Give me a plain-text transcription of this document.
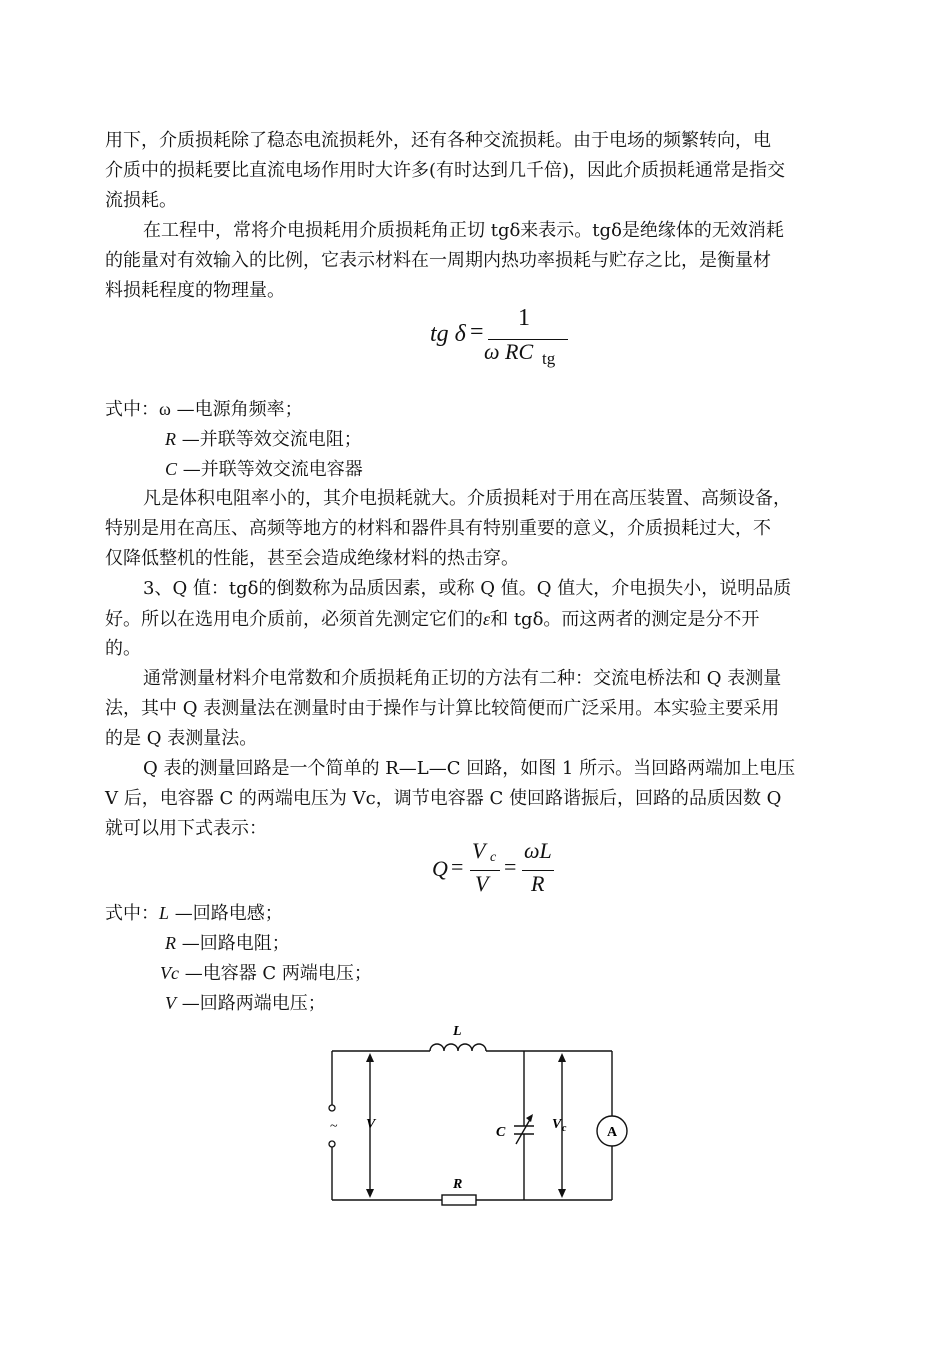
用下，介质损耗除了稳态电流损耗外，还有各种交流损耗。由于电场的频繁转向，电
介质中的损耗要比直流电场作用时大许多(有时达到几千倍)，因此介质损耗通常是指交
流损耗。
在工程中，常将介电损耗用介质损耗角正切 tgδ来表示。tgδ是绝缘体的无效消耗
的能量对有效输入的比例，它表示材料在一周期内热功率损耗与贮存之比，是衡量材
料损耗程度的物理量。
tg δ =
1
ω RC tg
式中：ω —电源角频率；
R —并联等效交流电阻；
C —并联等效交流电容器
凡是体积电阻率小的，其介电损耗就大。介质损耗对于用在高压装置、高频设备，
特别是用在高压、高频等地方的材料和器件具有特别重要的意义，介质损耗过大，不
仅降低整机的性能，甚至会造成绝缘材料的热击穿。
3、Q 值：tgδ的倒数称为品质因素，或称 Q 值。Q 值大，介电损失小，说明品质
好。所以在选用电介质前，必须首先测定它们的ε和 tgδ。而这两者的测定是分不开
的。
通常测量材料介电常数和介质损耗角正切的方法有二种：交流电桥法和 Q 表测量
法，其中 Q 表测量法在测量时由于操作与计算比较简便而广泛采用。本实验主要采用
的是 Q 表测量法。
Q 表的测量回路是一个简单的 R—L—C 回路，如图 1 所示。当回路两端加上电压
V 后，电容器 C 的两端电压为 Vc，调节电容器 C 使回路谐振后，回路的品质因数 Q
就可以用下式表示：
Q =
V c
V
=
ωL
R
式中：L —回路电感；
R —回路电阻；
Vc —电容器 C 两端电压；
V —回路两端电压；
~
L
V
C
V c	A
R
